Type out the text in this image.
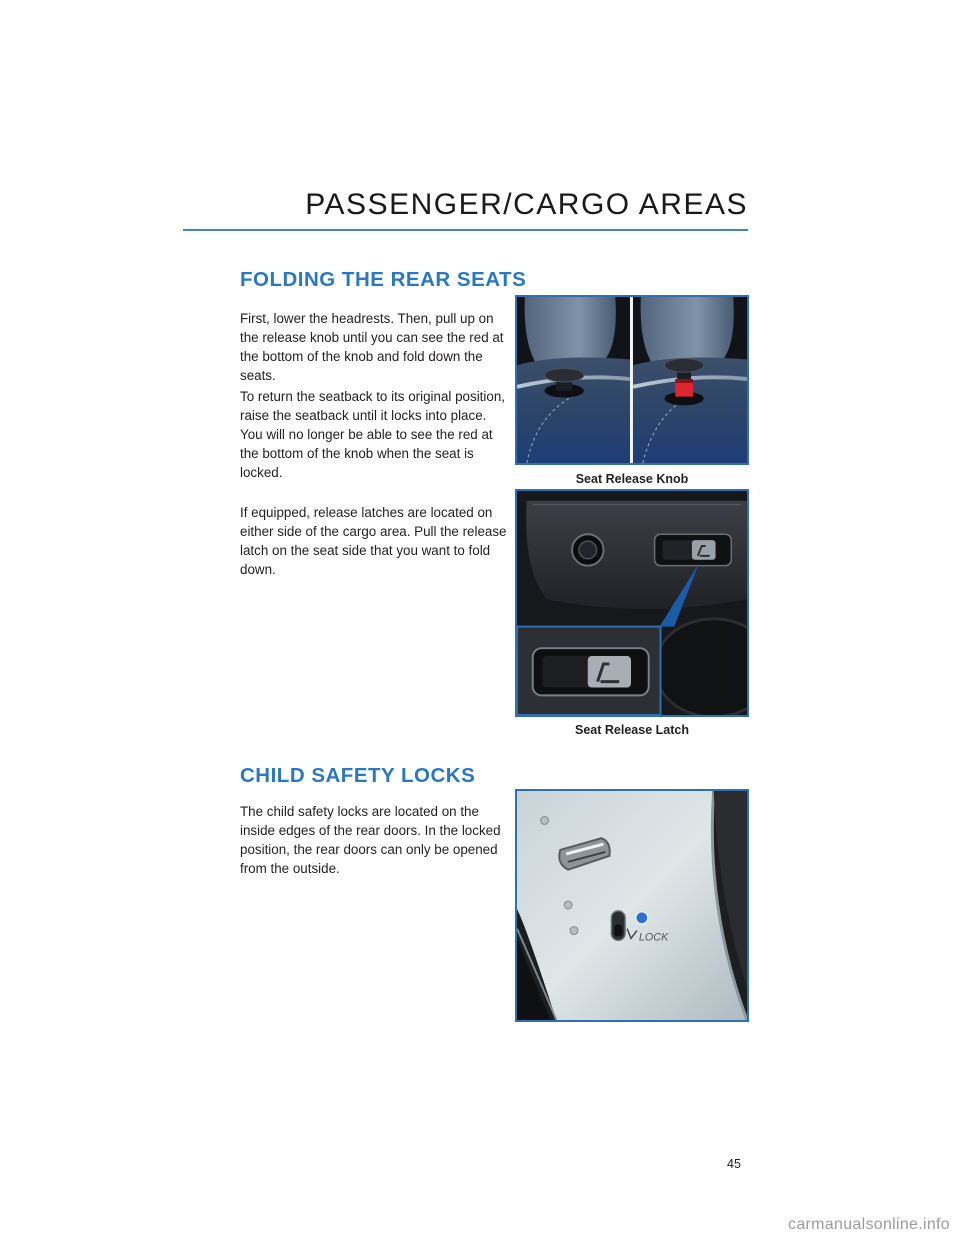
PASSENGER/CARGO AREAS
FOLDING THE REAR SEATS

First, lower the headrests. Then, pull up on the release knob until you can see the red at the bottom of the knob and fold down the seats.

To return the seatback to its original position, raise the seatback until it locks into place. You will no longer be able to see the red at the bottom of the knob when the seat is locked.

If equipped, release latches are located on either side of the cargo area. Pull the release latch on the seat side that you want to fold down.

Seat Release Knob
Seat Release Latch
CHILD SAFETY LOCKS

The child safety locks are located on the inside edges of the rear doors. In the locked position, the rear doors can only be opened from the outside.

LOCK
45
carmanualsonline.info
